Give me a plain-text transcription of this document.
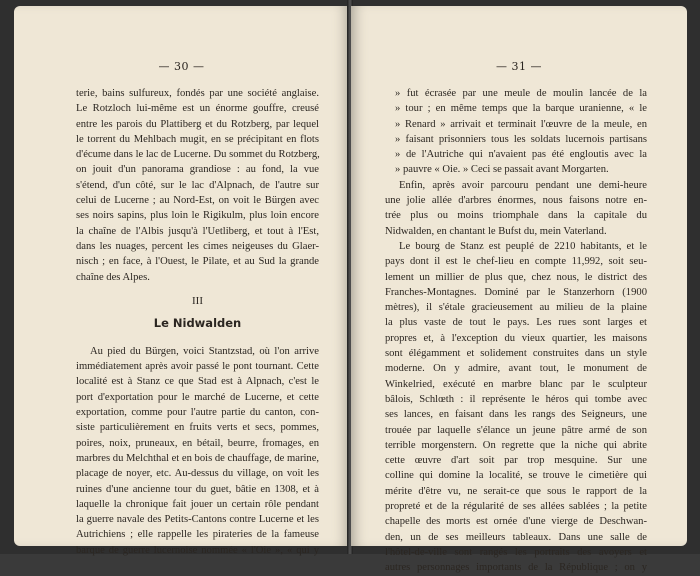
— 30 —
terie, bains sulfureux, fondés par une société anglaise.
Le Rotzloch lui-même est un énorme gouffre, creusé
entre les parois du Plattiberg et du Rotzberg, par lequel
le torrent du Mehlbach mugit, en se précipitant en flots
d'écume dans le lac de Lucerne. Du sommet du Rotzberg,
on jouit d'un panorama grandiose : au fond, la vue
s'étend, d'un côté, sur le lac d'Alpnach, de l'autre sur
celui de Lucerne ; au Nord-Est, on voit le Bürgen avec
ses noirs sapins, plus loin le Rigikulm, plus loin encore
la chaîne de l'Albis jusqu'à l'Uetliberg, et tout à l'Est,
dans les nuages, percent les cimes neigeuses du Glaer-
nisch ; en face, à l'Ouest, le Pilate, et au Sud la grande
chaîne des Alpes.
III
Le Nidwalden
Au pied du Bürgen, voici Stantzstad, où l'on arrive
immédiatement après avoir passé le pont tournant. Cette
localité est à Stanz ce que Stad est à Alpnach, c'est le
port d'exportation pour le marché de Lucerne, et cette
exportation, comme pour l'autre partie du canton, con-
siste particulièrement en fruits verts et secs, pommes,
poires, noix, pruneaux, en bétail, beurre, fromages, en
marbres du Melchthal et en bois de chauffage, de marine,
placage de noyer, etc. Au-dessus du village, on voit les
ruines d'une ancienne tour du guet, bâtie en 1308, et à
laquelle la chronique fait jouer un certain rôle pendant
la guerre navale des Petits-Cantons contre Lucerne et les
Autrichiens ; elle rappelle les pirateries de la fameuse
barque de guerre lucernoise nommée « l'Oie », « qui y
— 31 —
» fut écrasée par une meule de moulin lancée de la
» tour ; en même temps que la barque uranienne, « le
» Renard » arrivait et terminait l'œuvre de la meule, en
» faisant prisonniers tous les soldats lucernois partisans
» de l'Autriche qui n'avaient pas été engloutis avec la
» pauvre « Oie. » Ceci se passait avant Morgarten.
Enfin, après avoir parcouru pendant une demi-heure
une jolie allée d'arbres énormes, nous faisons notre en-
trée plus ou moins triomphale dans la capitale du
Nidwalden, en chantant le Bufst du, mein Vaterland.
Le bourg de Stanz est peuplé de 2210 habitants, et le
pays dont il est le chef-lieu en compte 11,992, soit seu-
lement un millier de plus que, chez nous, le district des
Franches-Montagnes. Dominé par le Stanzerhorn (1900
mètres), il s'étale gracieusement au milieu de la plaine
la plus vaste de tout le pays. Les rues sont larges et
propres et, à l'exception du vieux quartier, les maisons
sont élégamment et solidement construites dans un style
moderne. On y admire, avant tout, le monument de
Winkelried, exécuté en marbre blanc par le sculpteur
bâlois, Schlœth : il représente le héros qui tombe avec
ses lances, en faisant dans les rangs des Seigneurs, une
trouée par laquelle s'élance un jeune pâtre armé de son
terrible morgenstern. On regrette que la niche qui abrite
cette œuvre d'art soit par trop mesquine. Sur une
colline qui domine la localité, se trouve le cimetière qui
mérite d'être vu, ne serait-ce que sous le rapport de la
propreté et de la régularité de ses allées sablées ; la petite
chapelle des morts est ornée d'une vierge de Deschwan-
den, un de ses meilleurs tableaux. Dans une salle de
l'hôtel-de-ville sont rangés les portraits des avoyers et
autres personnages importants de la République ; on y
